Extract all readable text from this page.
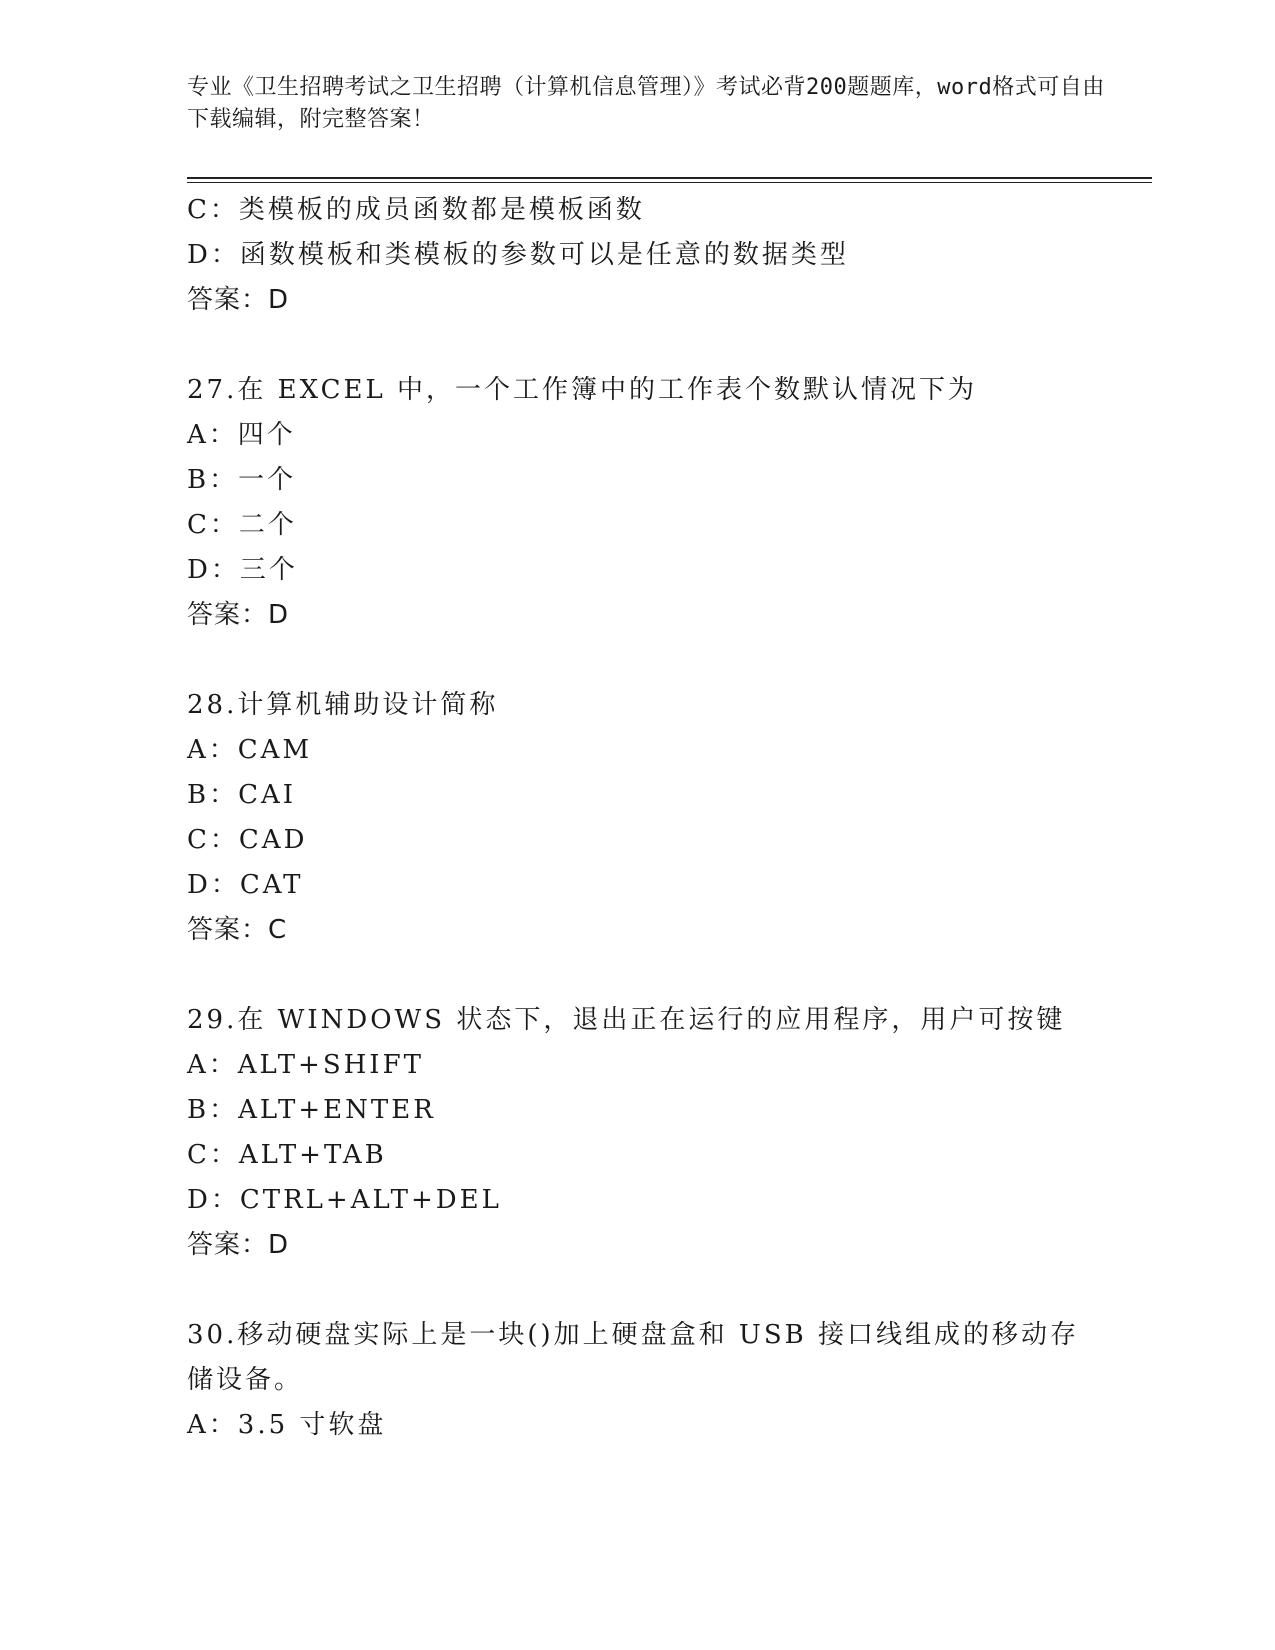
专业《卫生招聘考试之卫生招聘（计算机信息管理）》考试必背200题题库，word格式可自由下载编辑，附完整答案！
C：类模板的成员函数都是模板函数
D：函数模板和类模板的参数可以是任意的数据类型
答案：D
27.在 EXCEL 中，一个工作簿中的工作表个数默认情况下为
A：四个
B：一个
C：二个
D：三个
答案：D
28.计算机辅助设计简称
A：CAM
B：CAI
C：CAD
D：CAT
答案：C
29.在 WINDOWS 状态下，退出正在运行的应用程序，用户可按键
A：ALT+SHIFT
B：ALT+ENTER
C：ALT+TAB
D：CTRL+ALT+DEL
答案：D
30.移动硬盘实际上是一块()加上硬盘盒和 USB 接口线组成的移动存储设备。
A：3.5 寸软盘
